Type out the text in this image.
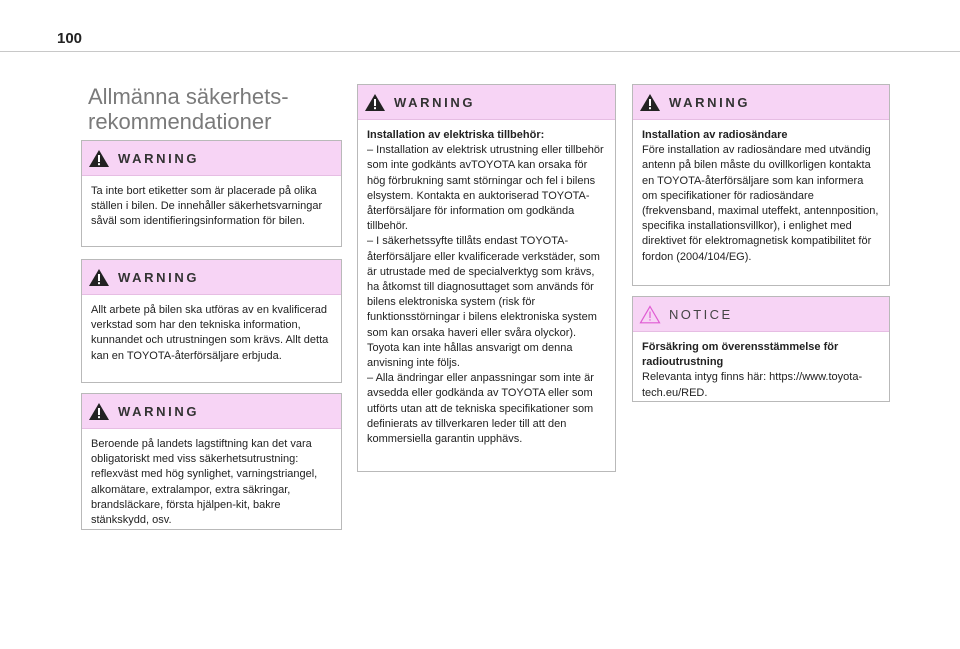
100
Allmänna säkerhets-
rekommendationer
WARNING

Ta inte bort etiketter som är placerade på olika ställen i bilen. De innehåller säkerhetsvarningar såväl som identifieringsinformation för bilen.

WARNING

Allt arbete på bilen ska utföras av en kvalificerad verkstad som har den tekniska information, kunnandet och utrustningen som krävs. Allt detta kan en TOYOTA-återförsäljare erbjuda.

WARNING

Beroende på landets lagstiftning kan det vara obligatoriskt med viss säkerhetsutrustning: reflexväst med hög synlighet, varningstriangel, alkomätare, extralampor, extra säkringar, brandsläckare, första hjälpen-kit, bakre stänkskydd, osv.

WARNING
Installation av elektriska tillbehör:

– Installation av elektrisk utrustning eller tillbehör som inte godkänts avTOYOTA kan orsaka för hög förbrukning samt störningar och fel i bilens elsystem. Kontakta en auktoriserad TOYOTA-återförsäljare för information om godkända tillbehör.

– I säkerhetssyfte tillåts endast TOYOTA-återförsäljare eller kvalificerade verkstäder, som är utrustade med de specialverktyg som krävs, ha åtkomst till diagnosuttaget som används för bilens elektroniska system (risk för funktionsstörningar i bilens elektroniska system som kan orsaka haveri eller svåra olyckor). Toyota kan inte hållas ansvarigt om denna anvisning inte följs.

– Alla ändringar eller anpassningar som inte är avsedda eller godkända av TOYOTA eller som utförts utan att de tekniska specifikationer som definierats av tillverkaren leder till att den kommersiella garantin upphävs.

WARNING
Installation av radiosändare

Före installation av radiosändare med utvändig antenn på bilen måste du ovillkorligen kontakta en TOYOTA-återförsäljare som kan informera om specifikationer för radiosändare (frekvensband, maximal uteffekt, antennposition, specifika installationsvillkor), i enlighet med direktivet för elektromagnetisk kompatibilitet för fordon (2004/104/EG).

NOTICE
Försäkring om överensstämmelse för radioutrustning

Relevanta intyg finns här: https://www.toyota-tech.eu/RED.
